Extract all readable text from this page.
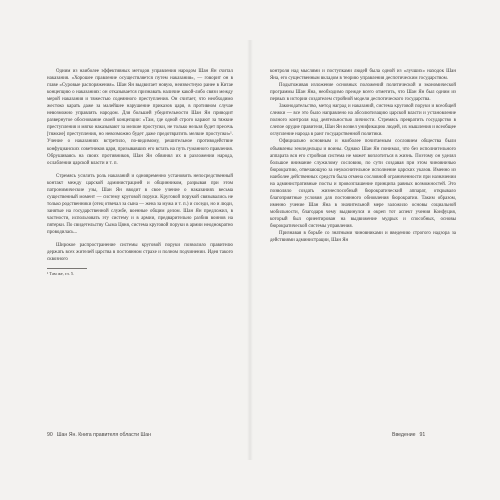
Одним из наиболее эффективных методов управления народом Шан Ян считал наказания. «Хорошее правление осуществляется путем наказания», — говорит он в главе «Суровые распоряжения». Шан Ян выдвигает новую, неизвестную ранее в Китае концепцию о наказаниях: он отказывается признавать наличие какой-либо связи между мерой наказания и тяжестью содеянного преступления. Он считает, что необходимо жестоко карать даже за малейшее нарушение приказов царя, в противном случае невозможно управлять народом. Для большей убедительности Шан Ян приводит развернутое обоснование своей концепции: «Там, где одной строго карают за тяжкие преступления и мягко наказывают за мелкие проступки, не только нельзя будет пресечь [тяжкие] преступления, но невозможно будет даже предотвратить мелкие проступки»¹. Учение о наказаниях встретило, по-видимому, решительное противодействие конфуцианских советников царя, призывавших его встать на путь гуманного правления. Обрушиваясь на своих противников, Шан Ян обвинял их в разложении народа, ослаблении царской власти и т. п.

Стремясь усилить роль наказаний и одновременно установить непосредственный контакт между царской администрацией и общинником, разрывая при этом патронимические узы, Шан Ян вводит в свое учение о наказаниях весьма существенный момент — систему круговой поруки. Круговой порукой связывались не только родственники (отец отвечал за сына — жена за мужа и т. п.) и соседи, но и люди, занятые на государственной службе, военные общим делом. Шан Ян предложил, в частности, использовать эту систему и в армии, предварительно разбив воинов на пятерки. По свидетельству Сыма Цяня, система круговой поруки в армии неоднократно проводилась...

Широкое распространение системы круговой поруки позволило правителю держать всех жителей царства в постоянном страхе и полном подчинении. Идея такого сквозного

¹ Там же, гл. 5.

контроля над мыслями и поступками людей была одной из «лучших» находок Шан Яна, его существенным вкладом в теорию управления деспотическим государством.

Подытоживая изложение основных положений политической и экономической программы Шан Яна, необходимо прежде всего отметить, что Шан Ян был одним из первых в истории создателем стройной модели деспотического государства.

Законодательство, метод наград и наказаний, система круговой поруки и всеобщей слежки — все это было направлено на абсолютизацию царской власти и установление полного контроля над деятельностью личности. Стремясь превратить государство в слепое орудие правителя, Шан Ян возвел унификацию людей, их мышления и всеобщее оглупление народа в ранг государственной политики.

Официально основным и наиболее почитаемым сословием общества были объявлены земледельцы и воины. Однако Шан Ян понимал, что без исполнительного аппарата вся его стройная система не может воплотиться в жизнь. Поэтому он уделял большое внимание служилому сословию, по сути создавая при этом чиновничью бюрократию, отвечающую за неукоснительное исполнение царских указов. Именно из наиболее действенных средств была отмена сословной ограниченности при назначении на административные посты и провозглашение принципа равных возможностей. Это позволяло создать жизнеспособный бюрократический аппарат, открывало благоприятные условия для постоянного обновления бюрократии. Таким образом, именно учение Шан Яна в значительной мере заложило основы социальной мобильности, благодаря чему выдвинулся и окреп тот аспект учения Конфуция, который был ориентирован на выдвижение мудрых и способных, основы бюрократической системы управления.

Признавая в борьбе со знатными чиновниками и введению строгого надзора за действиями администрации, Шан Ян

90 Шан Ян. Книга правителя области Шан	Введение 91
